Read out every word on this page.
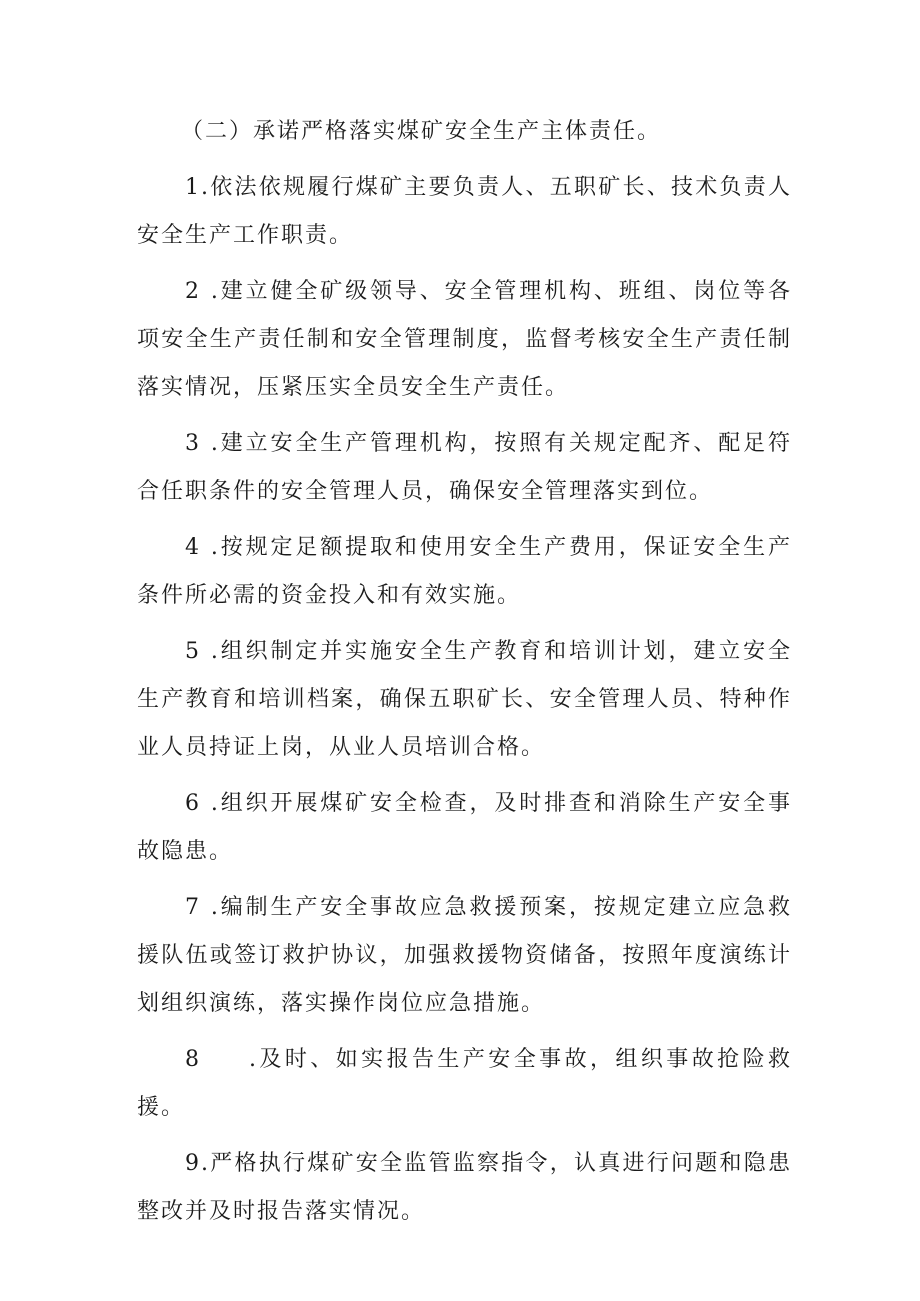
（二）承诺严格落实煤矿安全生产主体责任。

1.依法依规履行煤矿主要负责人、五职矿长、技术负责人安全生产工作职责。

2 .建立健全矿级领导、安全管理机构、班组、岗位等各项安全生产责任制和安全管理制度，监督考核安全生产责任制落实情况，压紧压实全员安全生产责任。

3 .建立安全生产管理机构，按照有关规定配齐、配足符合任职条件的安全管理人员，确保安全管理落实到位。

4 .按规定足额提取和使用安全生产费用，保证安全生产条件所必需的资金投入和有效实施。

5 .组织制定并实施安全生产教育和培训计划，建立安全生产教育和培训档案，确保五职矿长、安全管理人员、特种作业人员持证上岗，从业人员培训合格。

6 .组织开展煤矿安全检查，及时排查和消除生产安全事故隐患。

7 .编制生产安全事故应急救援预案，按规定建立应急救援队伍或签订救护协议，加强救援物资储备，按照年度演练计划组织演练，落实操作岗位应急措施。

8 .及时、如实报告生产安全事故，组织事故抢险救援。

9.严格执行煤矿安全监管监察指令，认真进行问题和隐患整改并及时报告落实情况。
